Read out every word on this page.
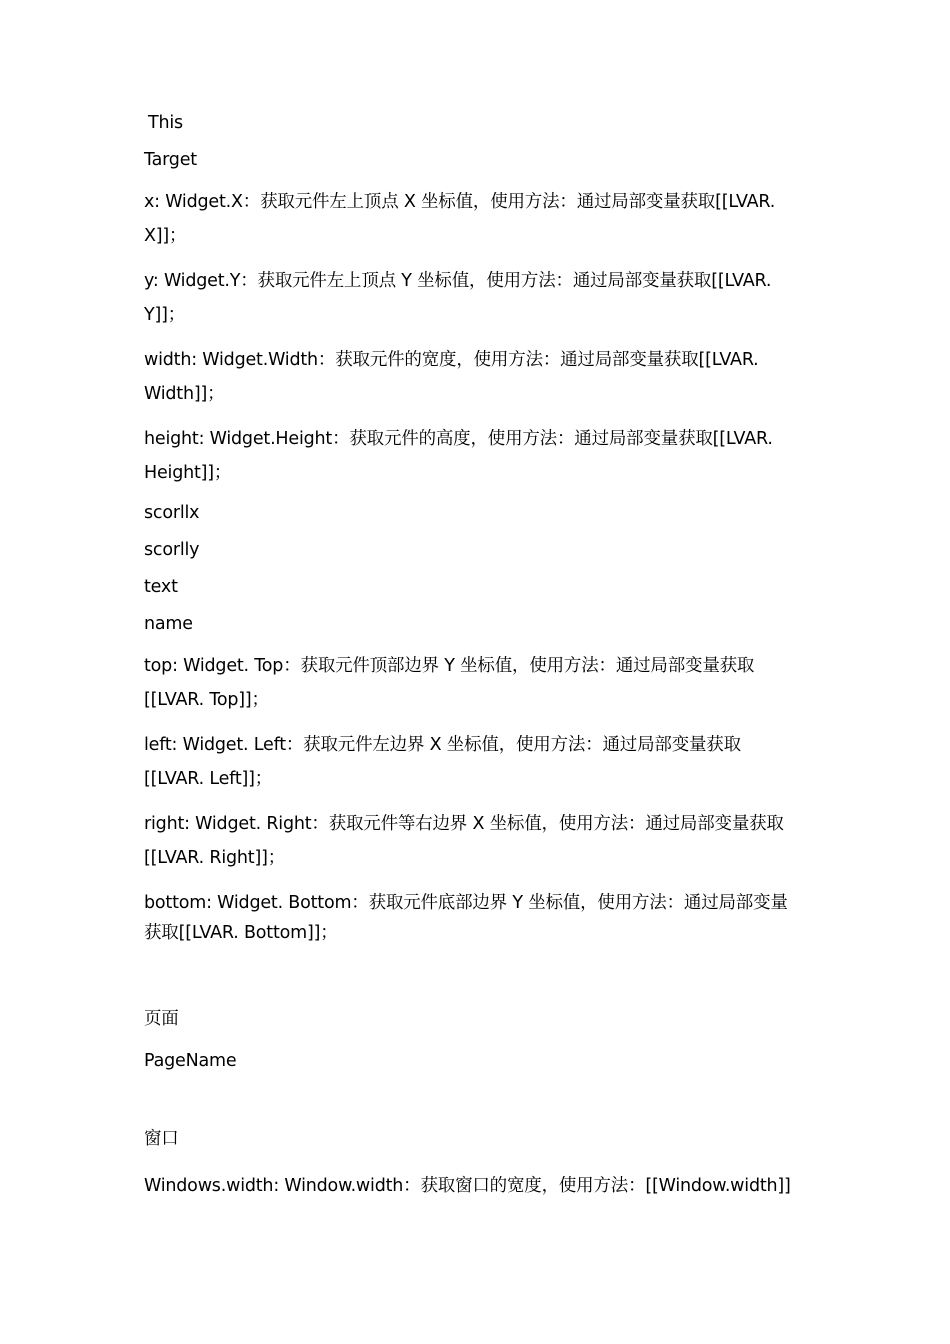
This
Target
x: Widget.X：获取元件左上顶点 X 坐标值，使用方法：通过局部变量获取[[LVAR.
X]]；
y: Widget.Y：获取元件左上顶点 Y 坐标值，使用方法：通过局部变量获取[[LVAR.
Y]]；
width: Widget.Width：获取元件的宽度，使用方法：通过局部变量获取[[LVAR.
Width]]；
height: Widget.Height：获取元件的高度，使用方法：通过局部变量获取[[LVAR.
Height]]；
scorllx
scorlly
text
name
top: Widget. Top：获取元件顶部边界 Y 坐标值，使用方法：通过局部变量获取
[[LVAR. Top]]；
left: Widget. Left：获取元件左边界 X 坐标值，使用方法：通过局部变量获取
[[LVAR. Left]]；
right: Widget. Right：获取元件等右边界 X 坐标值，使用方法：通过局部变量获取
[[LVAR. Right]]；
bottom: Widget. Bottom：获取元件底部边界 Y 坐标值，使用方法：通过局部变量
获取[[LVAR. Bottom]]；
页面
PageName
窗口
Windows.width: Window.width：获取窗口的宽度，使用方法：[[Window.width]]
